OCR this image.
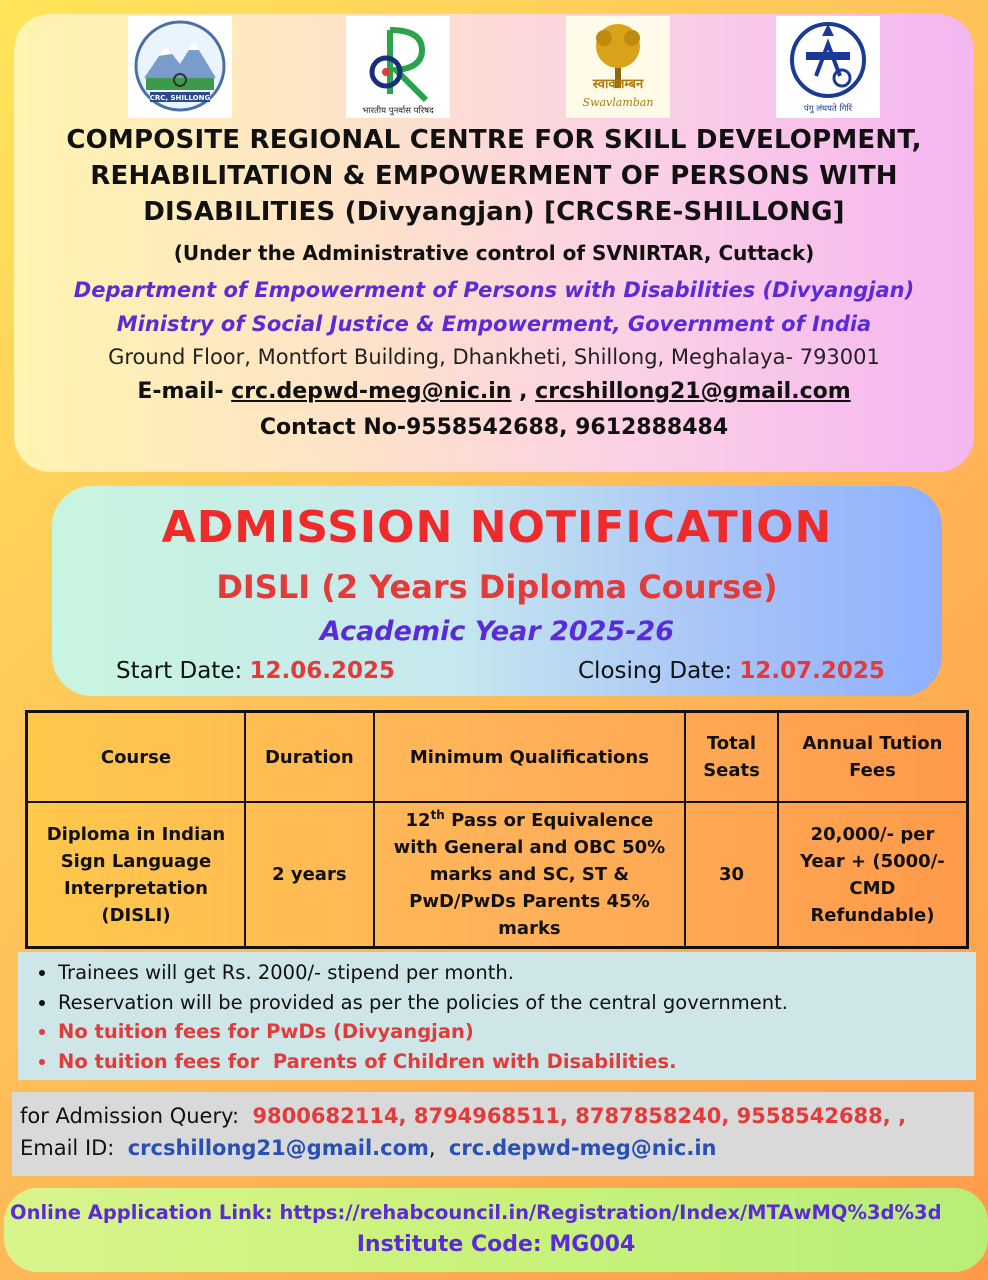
CRC, SHILLONG
भारतीय पुनर्वास परिषद
स्वावलम्बन
Swavlamban	पंगु लंघयते गिरिं
COMPOSITE REGIONAL CENTRE FOR SKILL DEVELOPMENT,
REHABILITATION & EMPOWERMENT OF PERSONS WITH
DISABILITIES (Divyangjan) [CRCSRE-SHILLONG]
(Under the Administrative control of SVNIRTAR, Cuttack)
Department of Empowerment of Persons with Disabilities (Divyangjan)
Ministry of Social Justice & Empowerment, Government of India
Ground Floor, Montfort Building, Dhankheti, Shillong, Meghalaya- 793001
E-mail- crc.depwd-meg@nic.in , crcshillong21@gmail.com
Contact No-9558542688, 9612888484
ADMISSION NOTIFICATION
DISLI (2 Years Diploma Course)
Academic Year 2025-26
Start Date: 12.06.2025	Closing Date: 12.07.2025
Course	Duration	Minimum Qualifications	Total Seats	Annual Tution Fees
Diploma in Indian Sign Language Interpretation (DISLI)	2 years	12th Pass or Equivalence with General and OBC 50% marks and SC, ST & PwD/PwDs Parents 45% marks	30	20,000/- per Year + (5000/- CMD Refundable)
• Trainees will get Rs. 2000/- stipend per month.
• Reservation will be provided as per the policies of the central government.
• No tuition fees for PwDs (Divyangjan)
• No tuition fees for  Parents of Children with Disabilities.
for Admission Query:  9800682114, 8794968511, 8787858240, 9558542688, ,
Email ID:  crcshillong21@gmail.com,  crc.depwd-meg@nic.in
Online Application Link: https://rehabcouncil.in/Registration/Index/MTAwMQ%3d%3d
Institute Code: MG004
